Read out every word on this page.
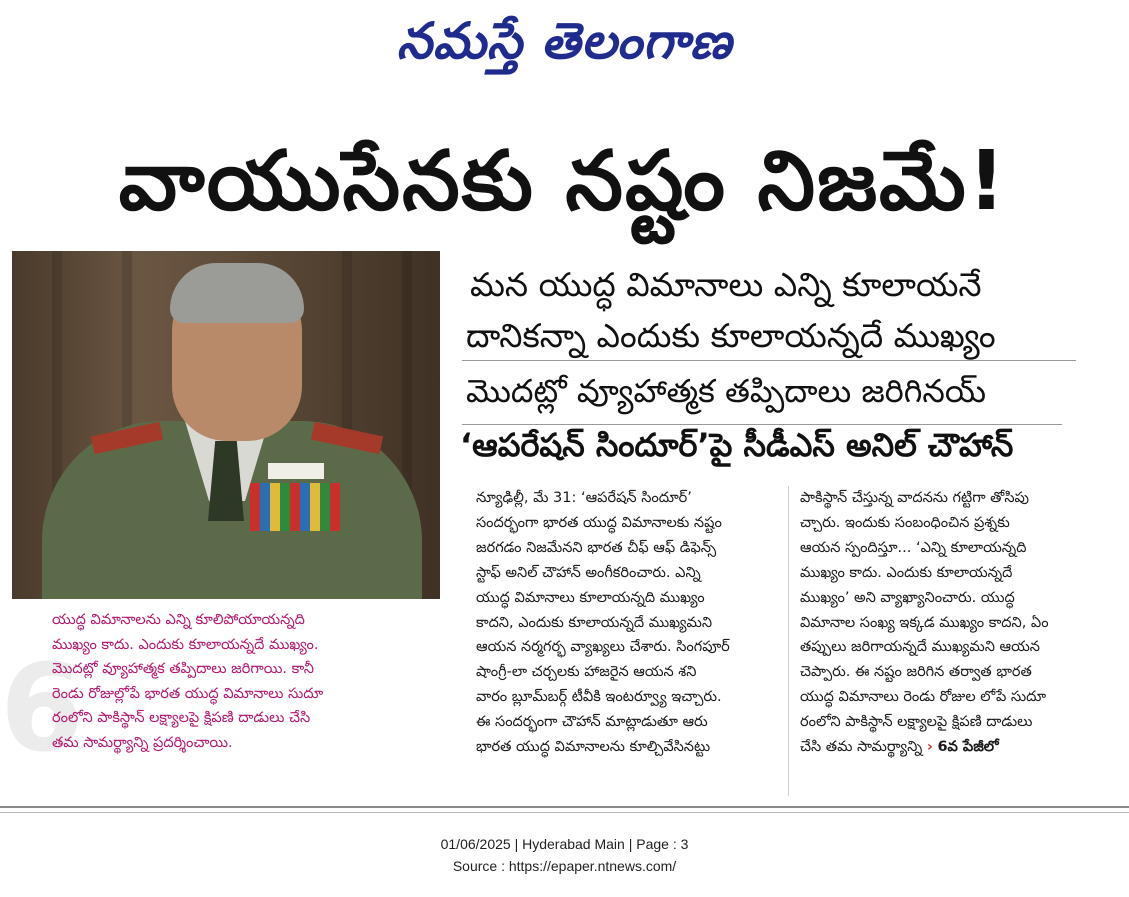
నమస్తే తెలంగాణ
వాయుసేనకు నష్టం నిజమే!
మన యుద్ధ విమానాలు ఎన్ని కూలాయనే
దానికన్నా ఎందుకు కూలాయన్నదే ముఖ్యం
మొదట్లో వ్యూహాత్మక తప్పిదాలు జరిగినయ్
‘ఆపరేషన్ సిందూర్’పై సీడీఎస్ అనిల్ చౌహాన్
6
యుద్ధ విమానాలను ఎన్ని కూలిపోయాయన్నది
ముఖ్యం కాదు. ఎందుకు కూలాయన్నదే ముఖ్యం.
మొదట్లో వ్యూహాత్మక తప్పిదాలు జరిగాయి. కానీ
రెండు రోజుల్లోపే భారత యుద్ధ విమానాలు సుదూ
రంలోని పాకిస్థాన్ లక్ష్యాలపై క్షిపణి దాడులు చేసి
తమ సామర్థ్యాన్ని ప్రదర్శించాయి.
న్యూఢిల్లీ, మే 31: ‘ఆపరేషన్ సిందూర్’
సందర్భంగా భారత యుద్ధ విమానాలకు నష్టం
జరగడం నిజమేనని భారత చీఫ్ ఆఫ్ డిఫెన్స్
స్టాఫ్ అనిల్ చౌహాన్ అంగీకరించారు. ఎన్ని
యుద్ధ విమానాలు కూలాయన్నది ముఖ్యం
కాదని, ఎందుకు కూలాయన్నదే ముఖ్యమని
ఆయన నర్మగర్భ వ్యాఖ్యలు చేశారు. సింగపూర్
షాంగ్రీ-లా చర్చలకు హాజరైన ఆయన శని
వారం బ్లూమ్‌బర్గ్ టీవీకి ఇంటర్వ్యూ ఇచ్చారు.
ఈ సందర్భంగా చౌహాన్ మాట్లాడుతూ ఆరు
భారత యుద్ధ విమానాలను కూల్చివేసినట్టు
పాకిస్థాన్ చేస్తున్న వాదనను గట్టిగా తోసిపు
చ్చారు. ఇందుకు సంబంధించిన ప్రశ్నకు
ఆయన స్పందిస్తూ... ‘ఎన్ని కూలాయన్నది
ముఖ్యం కాదు. ఎందుకు కూలాయన్నదే
ముఖ్యం’ అని వ్యాఖ్యానించారు. యుద్ధ
విమానాల సంఖ్య ఇక్కడ ముఖ్యం కాదని, ఏం
తప్పులు జరిగాయన్నదే ముఖ్యమని ఆయన
చెప్పారు. ఈ నష్టం జరిగిన తర్వాత భారత
యుద్ధ విమానాలు రెండు రోజుల లోపే సుదూ
రంలోని పాకిస్థాన్ లక్ష్యాలపై క్షిపణి దాడులు
చేసి తమ సామర్థ్యాన్ని › 6వ పేజీలో
01/06/2025 | Hyderabad Main | Page : 3
Source : https://epaper.ntnews.com/
